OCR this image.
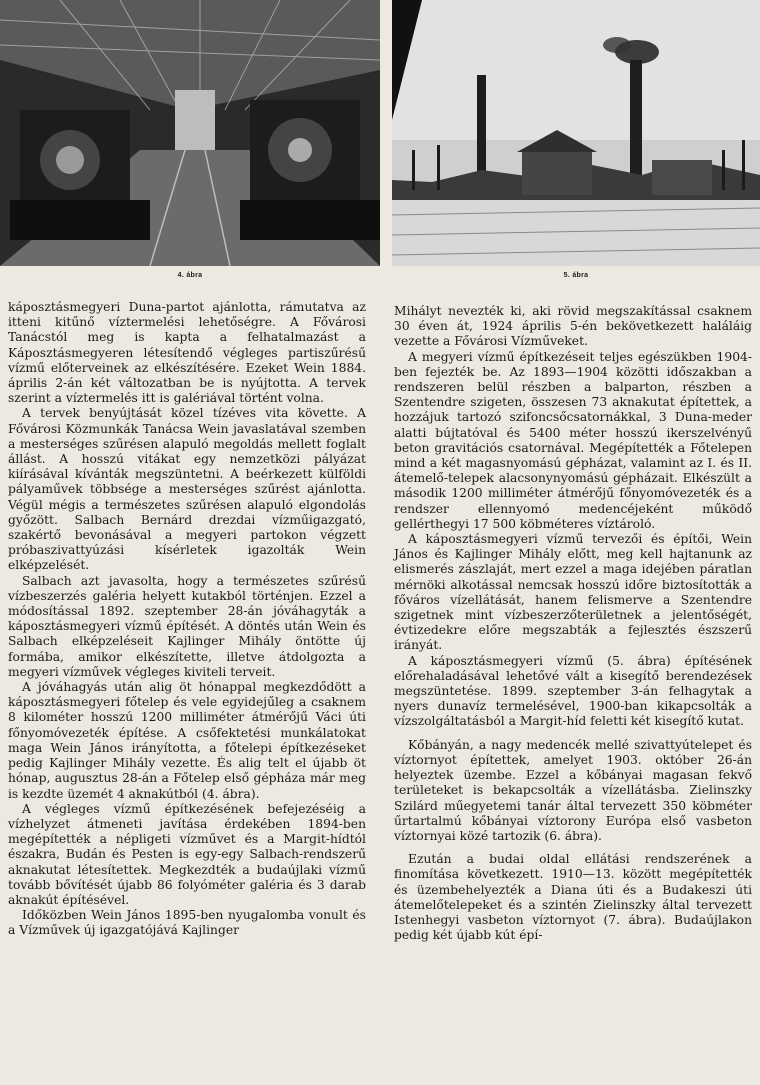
4. ábra	5. ábra

káposztásmegyeri Duna-partot ajánlotta, rámutatva az itteni kitűnő víztermelési lehetőségre. A Fővárosi Tanácstól meg is kapta a felhatalmazást a Káposztásmegyeren létesítendő végleges partiszűrésű vízmű előterveinek az elkészítésére. Ezeket Wein 1884. április 2-án két változatban be is nyújtotta. A tervek szerint a víztermelés itt is galériával történt volna.

A tervek benyújtását közel tízéves vita követte. A Fővárosi Közmunkák Tanácsa Wein javaslatával szemben a mesterséges szűrésen alapuló megoldás mellett foglalt állást. A hosszú vitákat egy nemzetközi pályázat kiírásával kívánták megszüntetni. A beérkezett külföldi pályaművek többsége a mesterséges szűrést ajánlotta. Végül mégis a természetes szűrésen alapuló elgondolás győzött. Salbach Bernárd drezdai vízműigazgató, szakértő bevonásával a megyeri partokon végzett próbaszivattyúzási kísérletek igazolták Wein elképzelését.

Salbach azt javasolta, hogy a természetes szűrésű vízbeszerzés galéria helyett kutakból történjen. Ezzel a módosítással 1892. szeptember 28-án jóváhagyták a káposztásmegyeri vízmű építését. A döntés után Wein és Salbach elképzeléseit Kajlinger Mihály öntötte új formába, amikor elkészítette, illetve átdolgozta a megyeri vízművek végleges kiviteli terveit.

A jóváhagyás után alig öt hónappal megkezdődött a káposztásmegyeri főtelep és vele egyidejűleg a csaknem 8 kilométer hosszú 1200 milliméter átmérőjű Váci úti főnyomóvezeték építése. A csőfektetési munkálatokat maga Wein János irányította, a főtelepi építkezéseket pedig Kajlinger Mihály vezette. És alig telt el újabb öt hónap, augusztus 28-án a Főtelep első gépháza már meg is kezdte üzemét 4 aknakútból (4. ábra).

A végleges vízmű építkezésének befejezéséig a vízhelyzet átmeneti javítása érdekében 1894-ben megépítették a népligeti vízművet és a Margit-hídtól északra, Budán és Pesten is egy-egy Salbach-rendszerű aknakutat létesítettek. Megkezdték a budaújlaki vízmű tovább bővítését újabb 86 folyóméter galéria és 3 darab aknakút építésével.

Időközben Wein János 1895-ben nyugalomba vonult és a Vízművek új igazgatójává Kajlinger

Mihályt nevezték ki, aki rövid megszakítással csaknem 30 éven át, 1924 április 5-én bekövetkezett haláláig vezette a Fővárosi Vízműveket.

A megyeri vízmű építkezéseit teljes egészükben 1904-ben fejezték be. Az 1893—1904 közötti időszakban a rendszeren belül részben a balparton, részben a Szentendre szigeten, összesen 73 aknakutat építettek, a hozzájuk tartozó szifoncsőcsatornákkal, 3 Duna-meder alatti bújtatóval és 5400 méter hosszú ikerszelvényű beton gravitációs csatornával. Megépítették a Főtelepen mind a két magasnyomású gépházat, valamint az I. és II. átemelő-telepek alacsonynyomású gépházait. Elkészült a második 1200 milliméter átmérőjű főnyomóvezeték és a rendszer ellennyomó medencéjeként működő gellérthegyi 17 500 köbméteres víztároló.

A káposztásmegyeri vízmű tervezői és építői, Wein János és Kajlinger Mihály előtt, meg kell hajtanunk az elismerés zászlaját, mert ezzel a maga idejében páratlan mérnöki alkotással nemcsak hosszú időre biztosították a főváros vízellátását, hanem felismerve a Szentendre szigetnek mint vízbeszerzőterületnek a jelentőségét, évtizedekre előre megszabták a fejlesztés észszerű irányát.

A káposztásmegyeri vízmű (5. ábra) építésének előrehaladásával lehetővé vált a kisegítő berendezések megszüntetése. 1899. szeptember 3-án felhagytak a nyers dunavíz termelésével, 1900-ban kikapcsolták a vízszolgáltatásból a Margit-híd feletti két kisegítő kutat.

Kőbányán, a nagy medencék mellé szivattyútelepet és víztornyot építettek, amelyet 1903. október 26-án helyeztek üzembe. Ezzel a kőbányai magasan fekvő területeket is bekapcsolták a vízellátásba. Zielinszky Szilárd műegyetemi tanár által tervezett 350 köbméter űrtartalmú kőbányai víztorony Európa első vasbeton víztornyai közé tartozik (6. ábra).

Ezután a budai oldal ellátási rendszerének a finomítása következett. 1910—13. között megépítették és üzembehelyezték a Diana úti és a Budakeszi úti átemelőtelepeket és a szintén Zielinszky által tervezett Istenhegyi vasbeton víztornyot (7. ábra). Budaújlakon pedig két újabb kút épí-
